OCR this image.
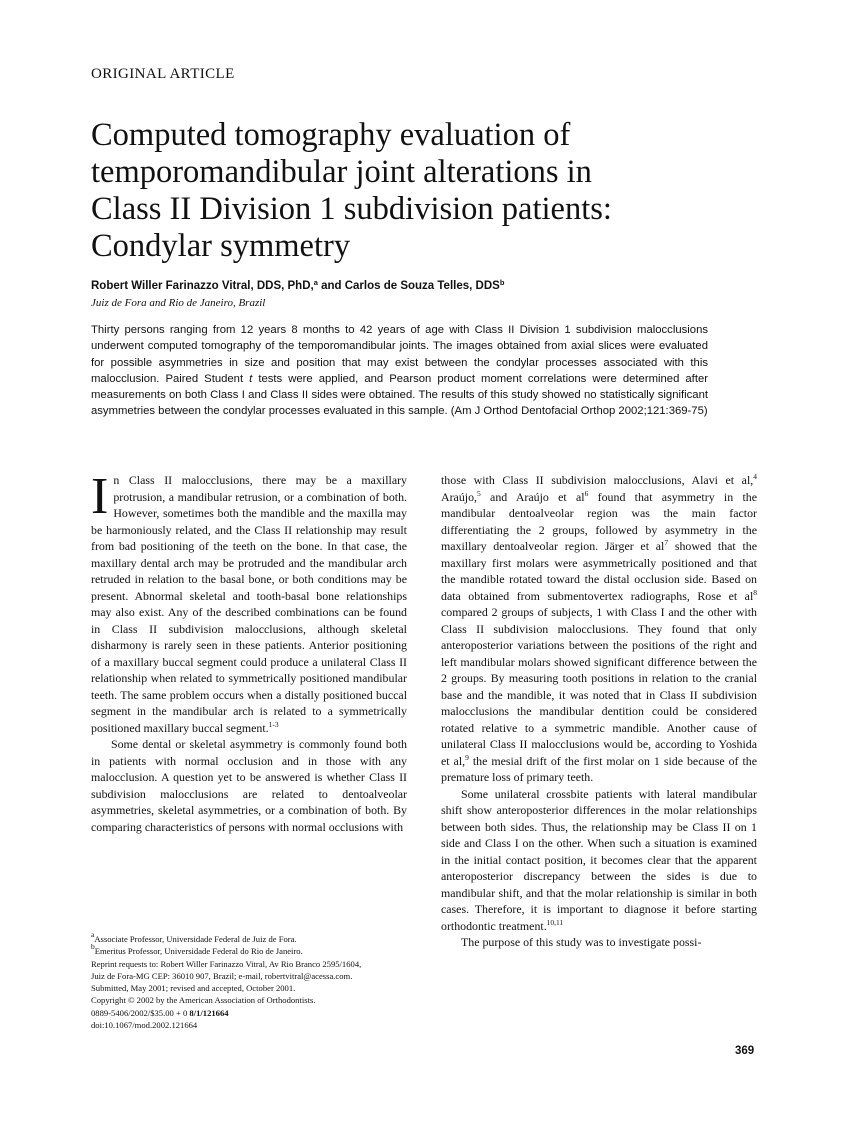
ORIGINAL ARTICLE
Computed tomography evaluation of
temporomandibular joint alterations in
Class II Division 1 subdivision patients:
Condylar symmetry
Robert Willer Farinazzo Vitral, DDS, PhD,$^a$ and Carlos de Souza Telles, DDS$^b$
Juiz de Fora and Rio de Janeiro, Brazil

Thirty persons ranging from 12 years 8 months to 42 years of age with Class II Division 1 subdivision malocclusions underwent computed tomography of the temporomandibular joints. The images obtained from axial slices were evaluated for possible asymmetries in size and position that may exist between the condylar processes associated with this malocclusion. Paired Student t tests were applied, and Pearson product moment correlations were determined after measurements on both Class I and Class II sides were obtained. The results of this study showed no statistically significant asymmetries between the condylar processes evaluated in this sample. (Am J Orthod Dentofacial Orthop 2002;121:369-75)

In Class II malocclusions, there may be a maxillary protrusion, a mandibular retrusion, or a combination of both. However, sometimes both the mandible and the maxilla may be harmoniously related, and the Class II relationship may result from bad positioning of the teeth on the bone. In that case, the maxillary dental arch may be protruded and the mandibular arch retruded in relation to the basal bone, or both conditions may be present. Abnormal skeletal and tooth-basal bone relationships may also exist. Any of the described combinations can be found in Class II subdivision malocclusions, although skeletal disharmony is rarely seen in these patients. Anterior positioning of a maxillary buccal segment could produce a unilateral Class II relationship when related to symmetrically positioned mandibular teeth. The same problem occurs when a distally positioned buccal segment in the mandibular arch is related to a symmetrically positioned maxillary buccal segment.$^{1-3}$

Some dental or skeletal asymmetry is commonly found both in patients with normal occlusion and in those with any malocclusion. A question yet to be answered is whether Class II subdivision malocclusions are related to dentoalveolar asymmetries, skeletal asymmetries, or a combination of both. By comparing characteristics of persons with normal occlusions with

those with Class II subdivision malocclusions, Alavi et al,$^4$ Araújo,$^5$ and Araújo et $al^6$ found that asymmetry in the mandibular dentoalveolar region was the main factor differentiating the 2 groups, followed by asymmetry in the maxillary dentoalveolar region. Järger et $al^7$ showed that the maxillary first molars were asymmetrically positioned and that the mandible rotated toward the distal occlusion side. Based on data obtained from submentovertex radiographs, Rose et $al^8$ compared 2 groups of subjects, 1 with Class I and the other with Class II subdivision malocclusions. They found that only anteroposterior variations between the positions of the right and left mandibular molars showed significant difference between the 2 groups. By measuring tooth positions in relation to the cranial base and the mandible, it was noted that in Class II subdivision malocclusions the mandibular dentition could be considered rotated relative to a symmetric mandible. Another cause of unilateral Class II malocclusions would be, according to Yoshida et al,$^9$ the mesial drift of the first molar on 1 side because of the premature loss of primary teeth.

Some unilateral crossbite patients with lateral mandibular shift show anteroposterior differences in the molar relationships between both sides. Thus, the relationship may be Class II on 1 side and Class I on the other. When such a situation is examined in the initial contact position, it becomes clear that the apparent anteroposterior discrepancy between the sides is due to mandibular shift, and that the molar relationship is similar in both cases. Therefore, it is important to diagnose it before starting orthodontic treatment.$^{10,11}$

The purpose of this study was to investigate possi-

$^a$Associate Professor, Universidade Federal de Juiz de Fora.
$^b$Emeritus Professor, Universidade Federal do Rio de Janeiro.
Reprint requests to: Robert Willer Farinazzo Vitral, Av Rio Branco 2595/1604,
Juiz de Fora-MG CEP: 36010 907, Brazil; e-mail, robertvitral@acessa.com.
Submitted, May 2001; revised and accepted, October 2001.
Copyright © 2002 by the American Association of Orthodontists.
0889-5406/2002/$35.00 + 0 8/1/121664
doi:10.1067/mod.2002.121664
369
